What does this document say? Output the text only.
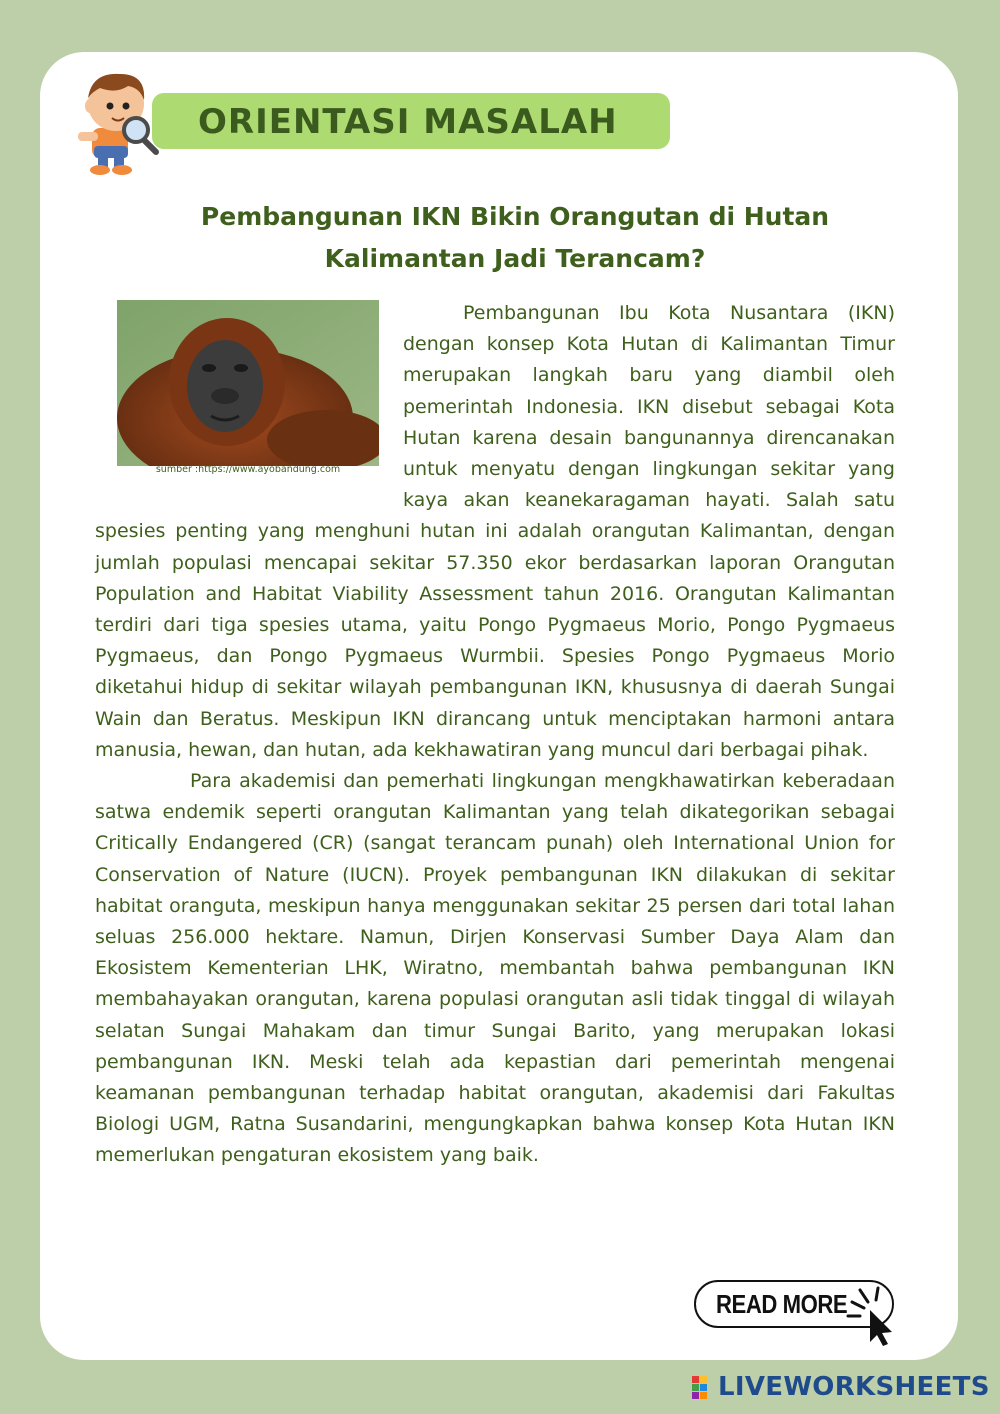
ORIENTASI MASALAH
Pembangunan IKN Bikin Orangutan di Hutan
Kalimantan Jadi Terancam?
sumber :https://www.ayobandung.com

Pembangunan Ibu Kota Nusantara (IKN) dengan konsep Kota Hutan di Kalimantan Timur merupakan langkah baru yang diambil oleh pemerintah Indonesia. IKN disebut sebagai Kota Hutan karena desain bangunannya direncanakan untuk menyatu dengan lingkungan sekitar yang kaya akan keanekaragaman hayati. Salah satu spesies penting yang menghuni hutan ini adalah orangutan Kalimantan, dengan jumlah populasi mencapai sekitar 57.350 ekor berdasarkan laporan Orangutan Population and Habitat Viability Assessment tahun 2016. Orangutan Kalimantan terdiri dari tiga spesies utama, yaitu Pongo Pygmaeus Morio, Pongo Pygmaeus Pygmaeus, dan Pongo Pygmaeus Wurmbii. Spesies Pongo Pygmaeus Morio diketahui hidup di sekitar wilayah pembangunan IKN, khususnya di daerah Sungai Wain dan Beratus. Meskipun IKN dirancang untuk menciptakan harmoni antara manusia, hewan, dan hutan, ada kekhawatiran yang muncul dari berbagai pihak.

Para akademisi dan pemerhati lingkungan mengkhawatirkan keberadaan satwa endemik seperti orangutan Kalimantan yang telah dikategorikan sebagai Critically Endangered (CR) (sangat terancam punah) oleh International Union for Conservation of Nature (IUCN). Proyek pembangunan IKN dilakukan di sekitar habitat oranguta, meskipun hanya menggunakan sekitar 25 persen dari total lahan seluas 256.000 hektare. Namun, Dirjen Konservasi Sumber Daya Alam dan Ekosistem Kementerian LHK, Wiratno, membantah bahwa pembangunan IKN membahayakan orangutan, karena populasi orangutan asli tidak tinggal di wilayah selatan Sungai Mahakam dan timur Sungai Barito, yang merupakan lokasi pembangunan IKN. Meski telah ada kepastian dari pemerintah mengenai keamanan pembangunan terhadap habitat orangutan, akademisi dari Fakultas Biologi UGM, Ratna Susandarini, mengungkapkan bahwa konsep Kota Hutan IKN memerlukan pengaturan ekosistem yang baik.

READ MORE
LIVEWORKSHEETS
